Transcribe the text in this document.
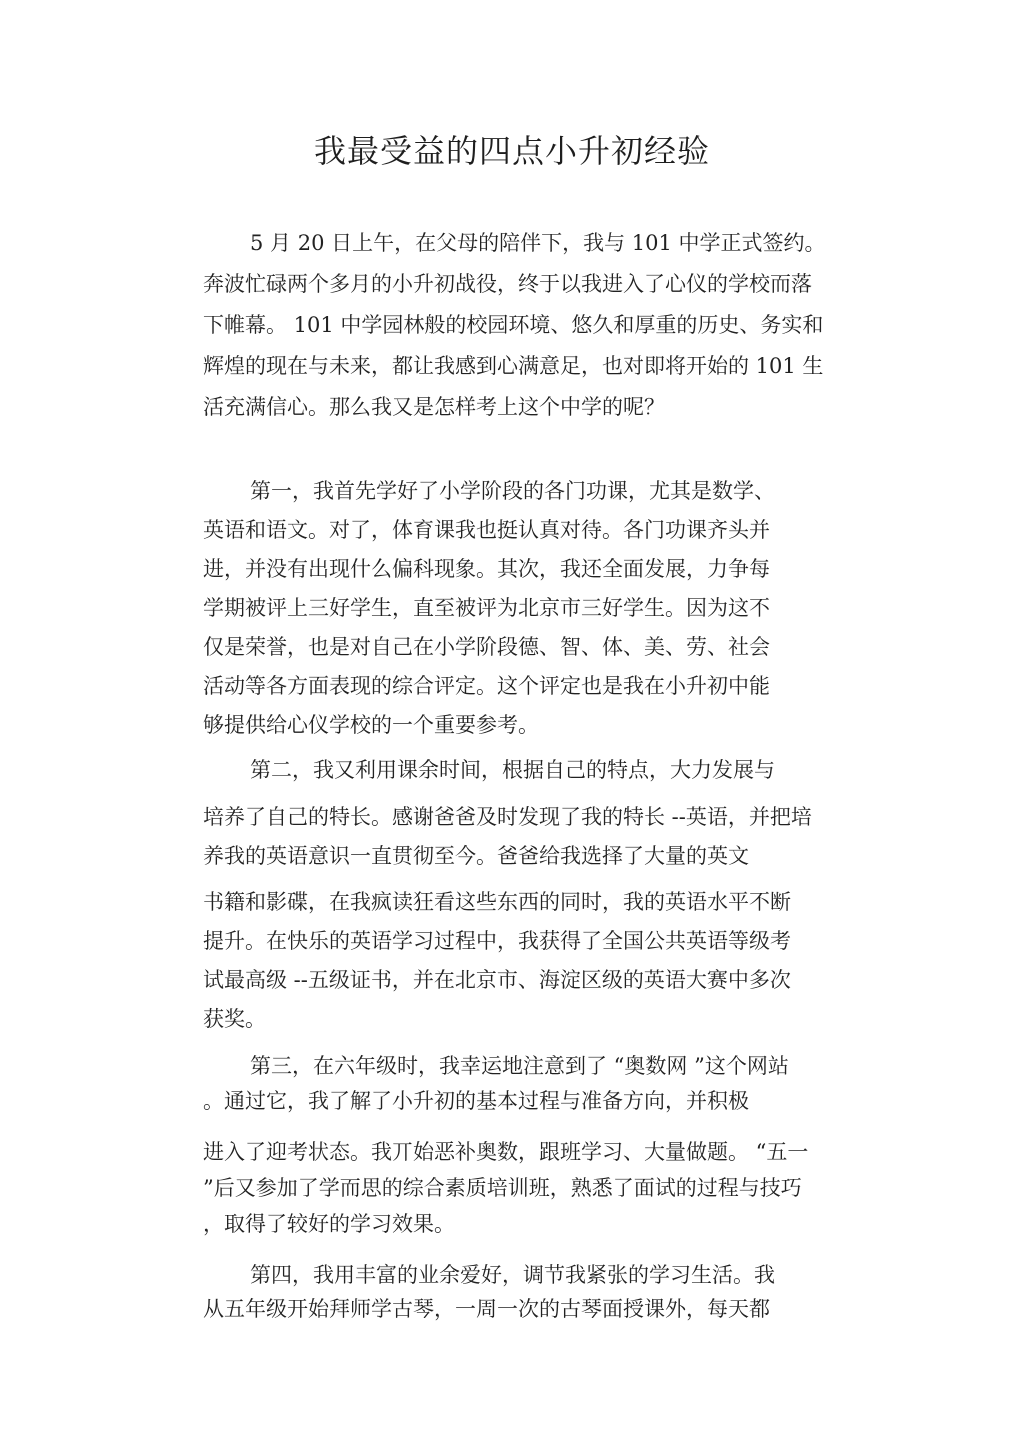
我最受益的四点小升初经验
5 月 20 日上午，在父母的陪伴下，我与 101 中学正式签约。
奔波忙碌两个多月的小升初战役，终于以我进入了心仪的学校而落
下帷幕。 101 中学园林般的校园环境、悠久和厚重的历史、务实和
辉煌的现在与未来，都让我感到心满意足，也对即将开始的 101 生
活充满信心。那么我又是怎样考上这个中学的呢？
第一，我首先学好了小学阶段的各门功课，尤其是数学、
英语和语文。对了，体育课我也挺认真对待。各门功课齐头并
进，并没有出现什么偏科现象。其次，我还全面发展，力争每
学期被评上三好学生，直至被评为北京市三好学生。因为这不
仅是荣誉，也是对自己在小学阶段德、智、体、美、劳、社会
活动等各方面表现的综合评定。这个评定也是我在小升初中能
够提供给心仪学校的一个重要参考。
第二，我又利用课余时间，根据自己的特点，大力发展与
培养了自己的特长。感谢爸爸及时发现了我的特长 --英语，并把培
养我的英语意识一直贯彻至今。爸爸给我选择了大量的英文
书籍和影碟，在我疯读狂看这些东西的同时，我的英语水平不断
提升。在快乐的英语学习过程中，我获得了全国公共英语等级考
试最高级 --五级证书，并在北京市、海淀区级的英语大赛中多次
获奖。
第三，在六年级时，我幸运地注意到了 “奥数网 ”这个网站
。通过它，我了解了小升初的基本过程与准备方向，并积极
进入了迎考状态。我丌始恶补奥数，跟班学习、大量做题。 “五一
”后又参加了学而思的综合素质培训班，熟悉了面试的过程与技巧
，取得了较好的学习效果。
第四，我用丰富的业余爱好，调节我紧张的学习生活。我
从五年级开始拜师学古琴，一周一次的古琴面授课外，每天都
